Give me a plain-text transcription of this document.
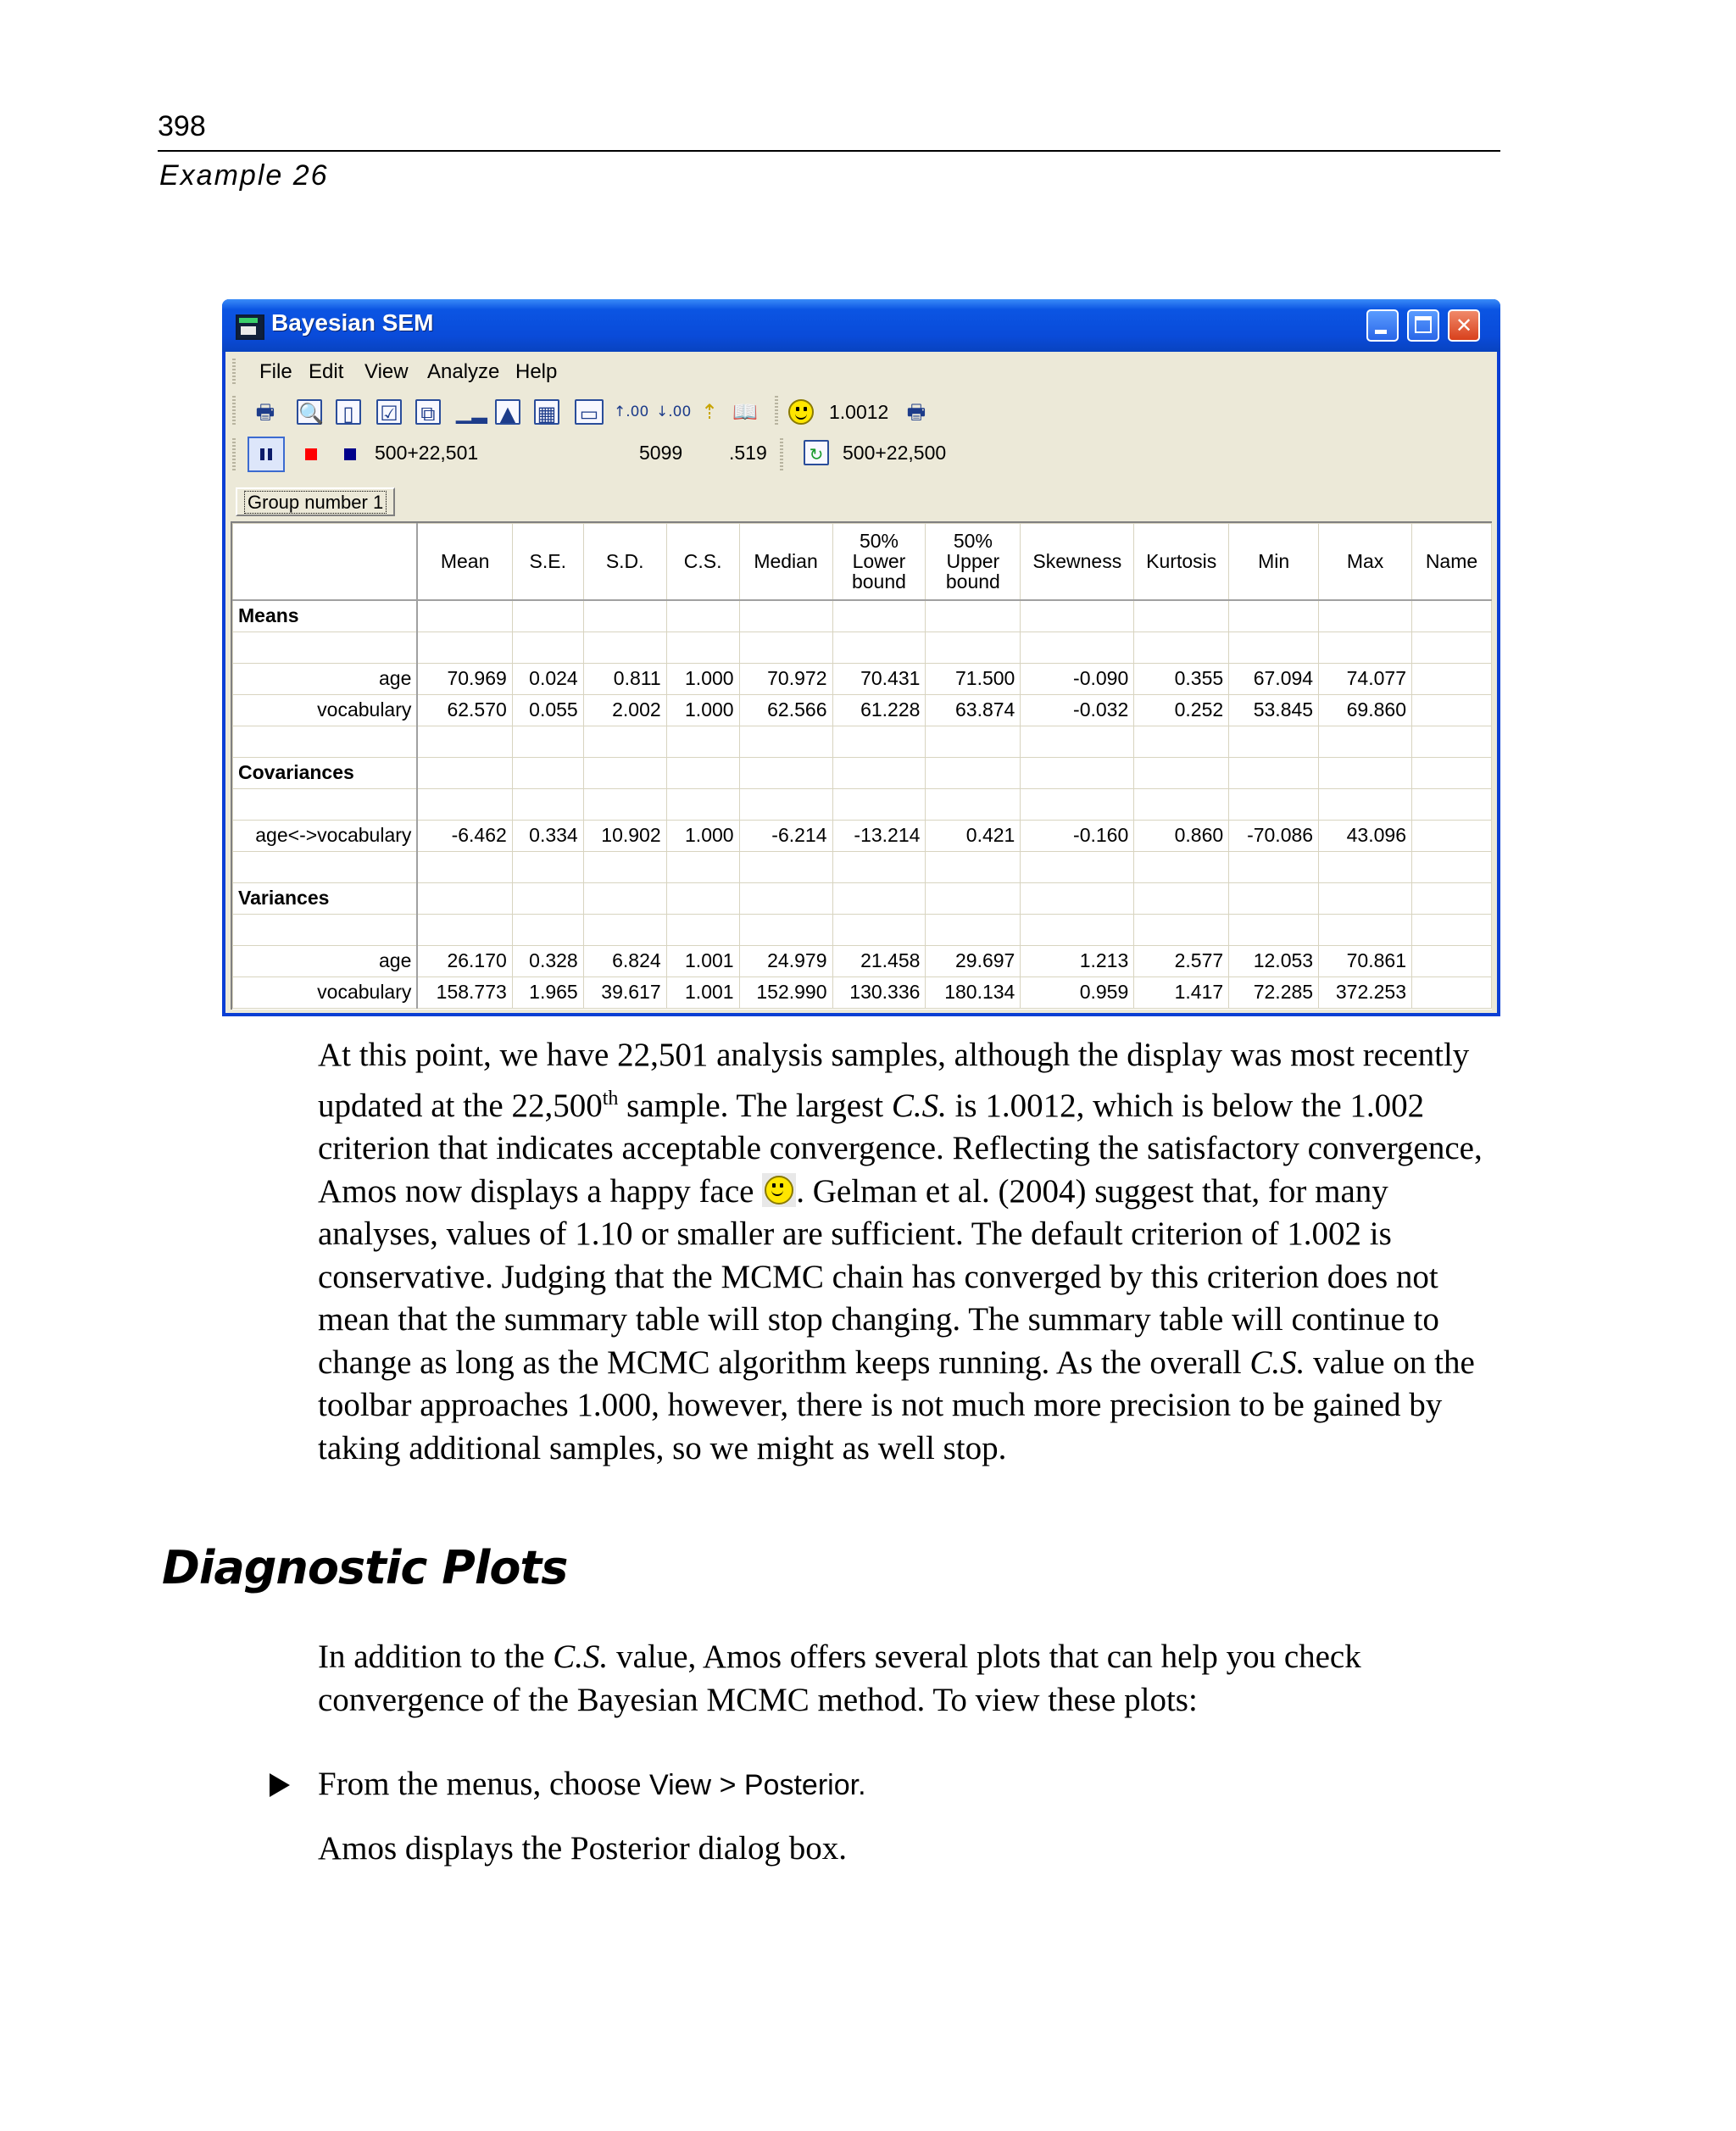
398
Example 26
Bayesian SEM	✕
File Edit View Analyze Help
🖶 🔍 ▯	☑ ⧉ ▁▂ ▲ ▦ ▭	↑.00 ↓.00 ⇡ 📖	1.0012 🖶
500+22,501	5099 .519	↻ 500+22,500
Group number 1
	Mean	S.E.	S.D.	C.S.	Median	50%
Lower
bound	50%
Upper
bound	Skewness	Kurtosis	Min	Max	Name
Means												

age	70.969	0.024	0.811	1.000	70.972	70.431	71.500	-0.090	0.355	67.094	74.077	
vocabulary	62.570	0.055	2.002	1.000	62.566	61.228	63.874	-0.032	0.252	53.845	69.860	

Covariances												

age<->vocabulary	-6.462	0.334	10.902	1.000	-6.214	-13.214	0.421	-0.160	0.860	-70.086	43.096	

Variances												

age	26.170	0.328	6.824	1.001	24.979	21.458	29.697	1.213	2.577	12.053	70.861	
vocabulary	158.773	1.965	39.617	1.001	152.990	130.336	180.134	0.959	1.417	72.285	372.253	
At this point, we have 22,501 analysis samples, although the display was most recently updated at the 22,500th sample. The largest C.S. is 1.0012, which is below the 1.002 criterion that indicates acceptable convergence. Reflecting the satisfactory convergence, Amos now displays a happy face
. Gelman et al. (2004) suggest that, for many analyses, values of 1.10 or smaller are sufficient. The default criterion of 1.002 is conservative. Judging that the MCMC chain has converged by this criterion does not mean that the summary table will stop changing. The summary table will continue to change as long as the MCMC algorithm keeps running. As the overall C.S. value on the toolbar approaches 1.000, however, there is not much more precision to be gained by taking additional samples, so we might as well stop.
Diagnostic Plots
In addition to the C.S. value, Amos offers several plots that can help you check convergence of the Bayesian MCMC method. To view these plots:
From the menus, choose View > Posterior.
Amos displays the Posterior dialog box.
